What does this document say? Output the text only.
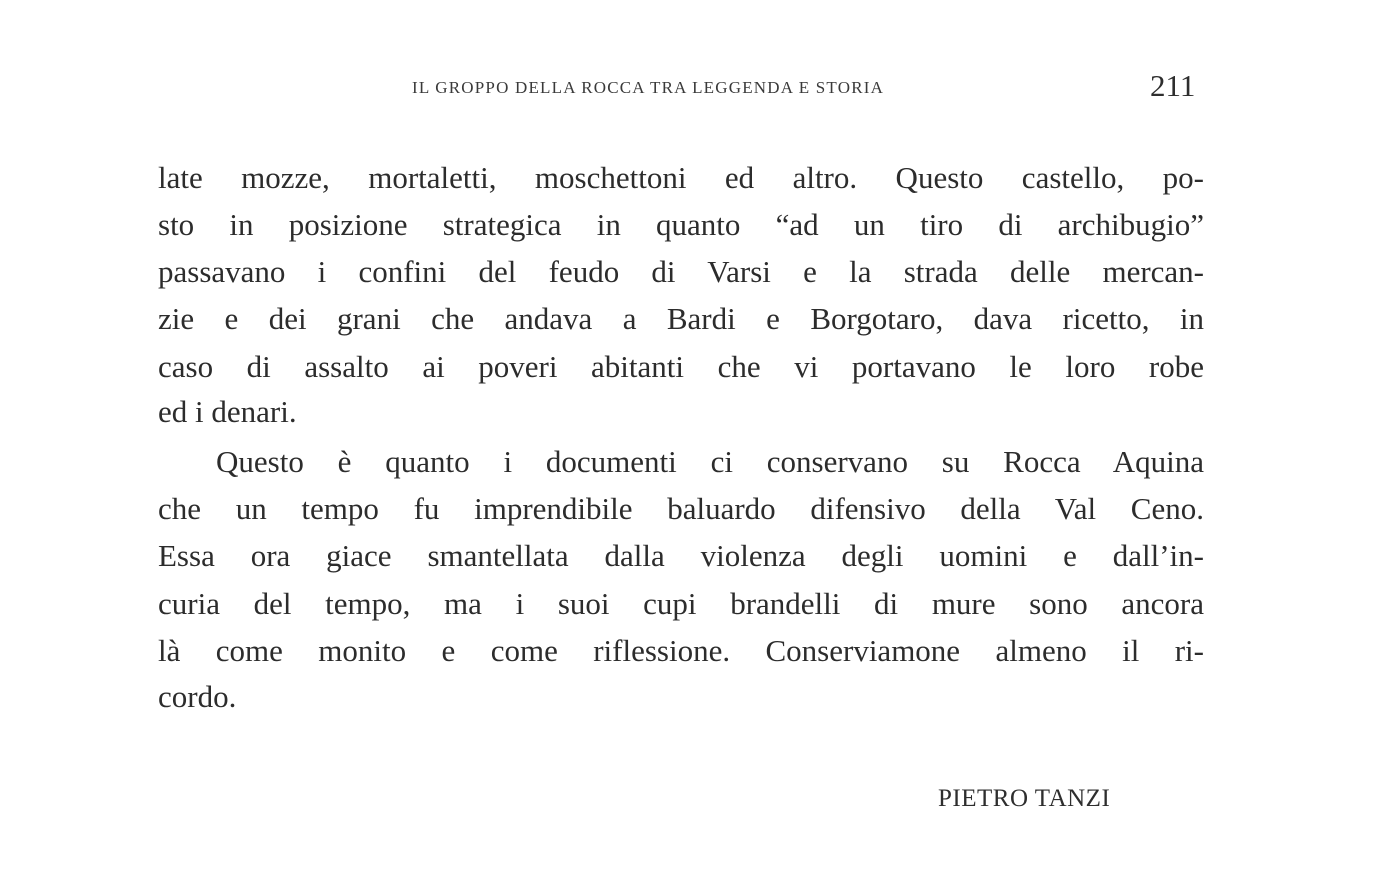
IL GROPPO DELLA ROCCA TRA LEGGENDA E STORIA	211
late mozze, mortaletti, moschettoni ed altro. Questo castello, po-
sto in posizione strategica in quanto “ad un tiro di archibugio”
passavano i confini del feudo di Varsi e la strada delle mercan-
zie e dei grani che andava a Bardi e Borgotaro, dava ricetto, in
caso di assalto ai poveri abitanti che vi portavano le loro robe
ed i denari.
Questo è quanto i documenti ci conservano su Rocca Aquina
che un tempo fu imprendibile baluardo difensivo della Val Ceno.
Essa ora giace smantellata dalla violenza degli uomini e dall’in-
curia del tempo, ma i suoi cupi brandelli di mure sono ancora
là come monito e come riflessione. Conserviamone almeno il ri-
cordo.
PIETRO TANZI
